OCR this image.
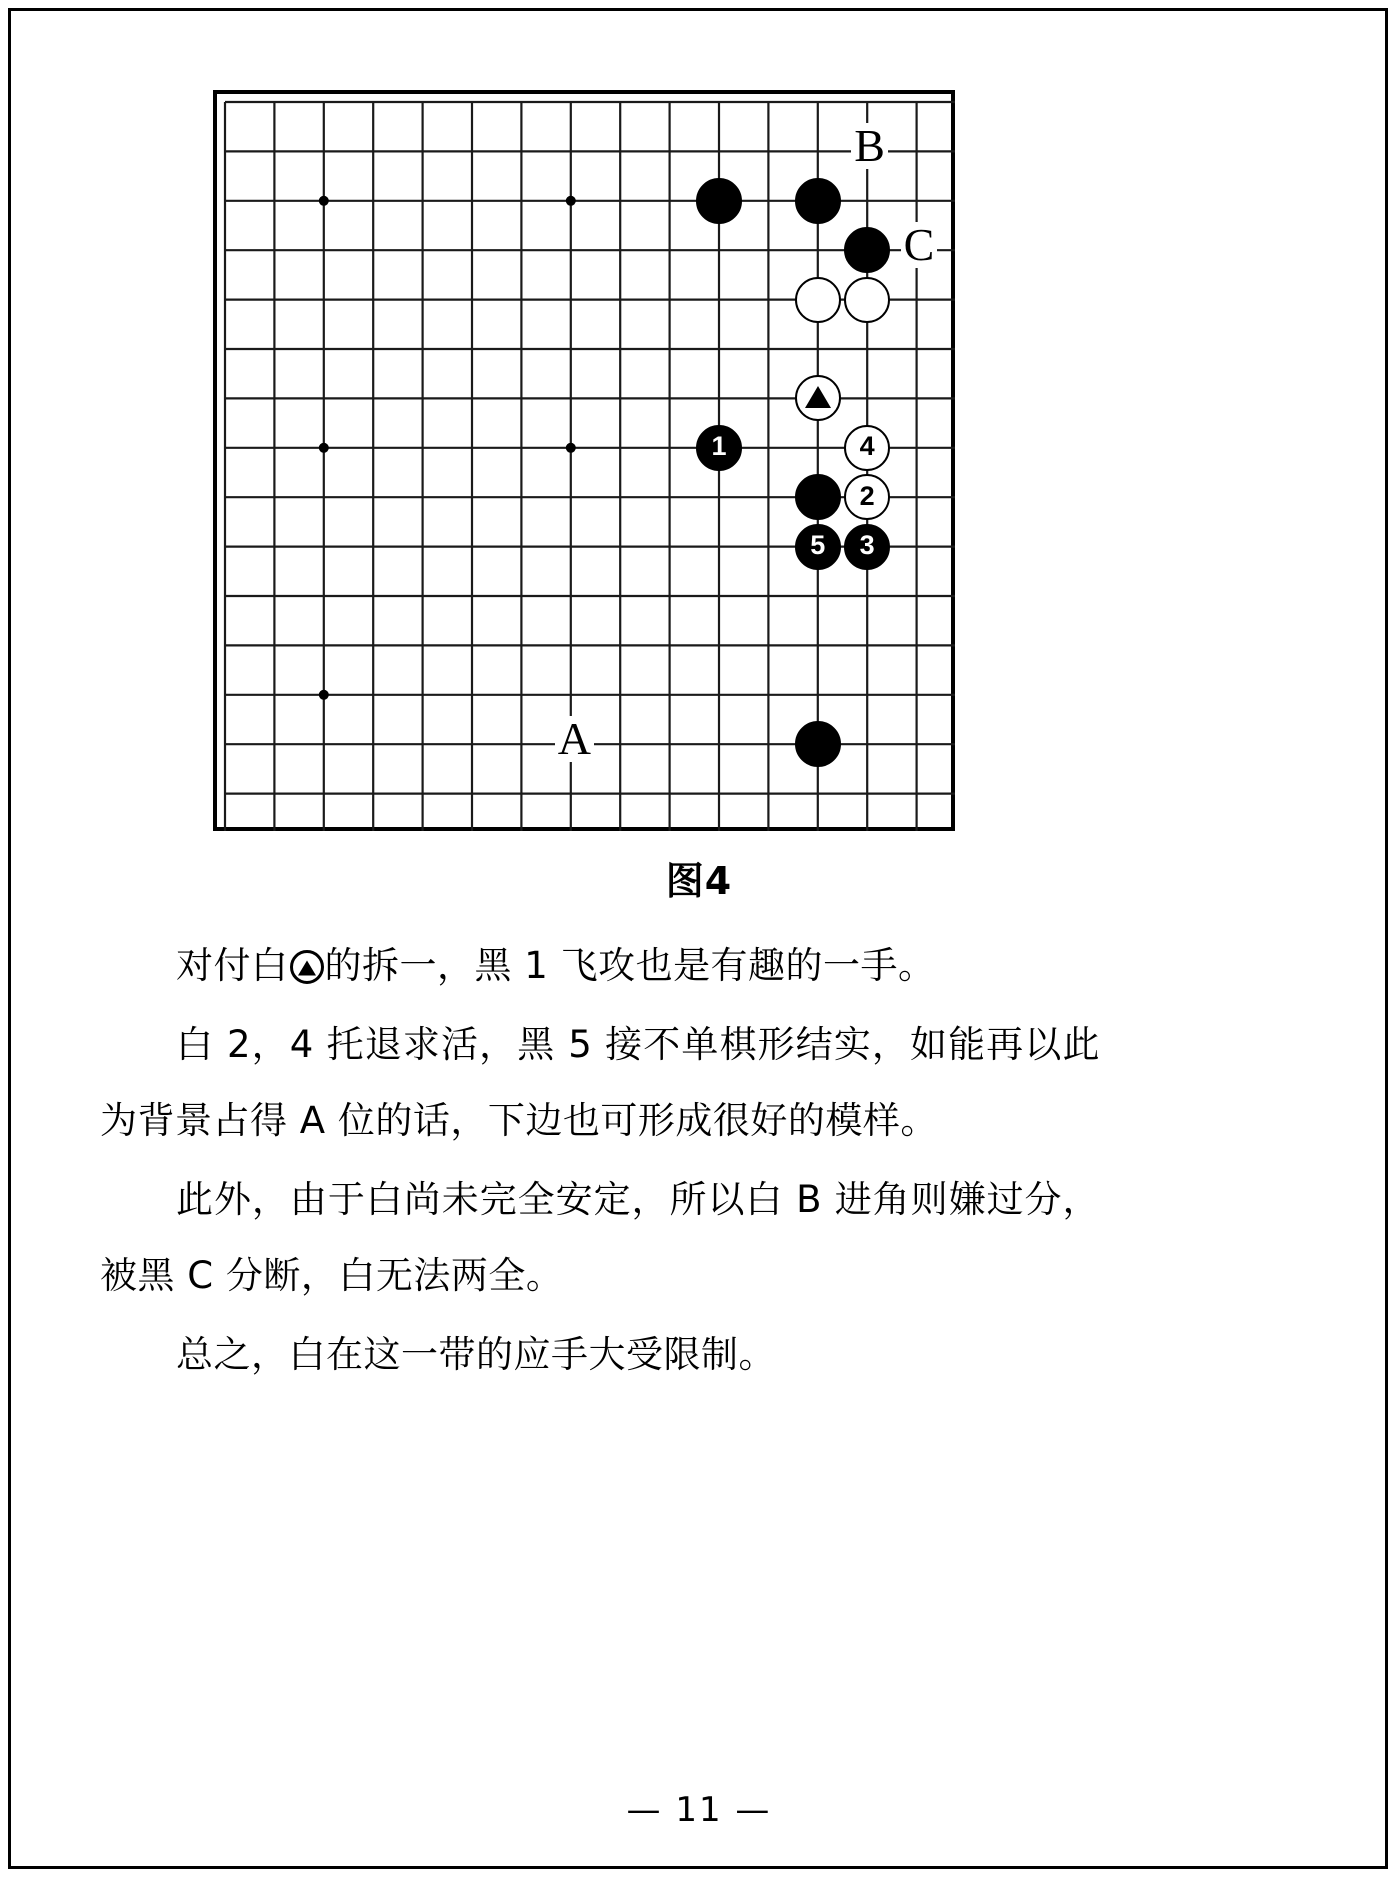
1	4
2
5 3
B
C
A
图4

对付白 的拆一，黑 1 飞攻也是有趣的一手。

白 2，4 托退求活，黑 5 接不单棋形结实，如能再以此为背景占得 A 位的话，下边也可形成很好的模样。

此外，由于白尚未完全安定，所以白 B 进角则嫌过分，被黑 C 分断，白无法两全。

总之，白在这一带的应手大受限制。

— 11 —
